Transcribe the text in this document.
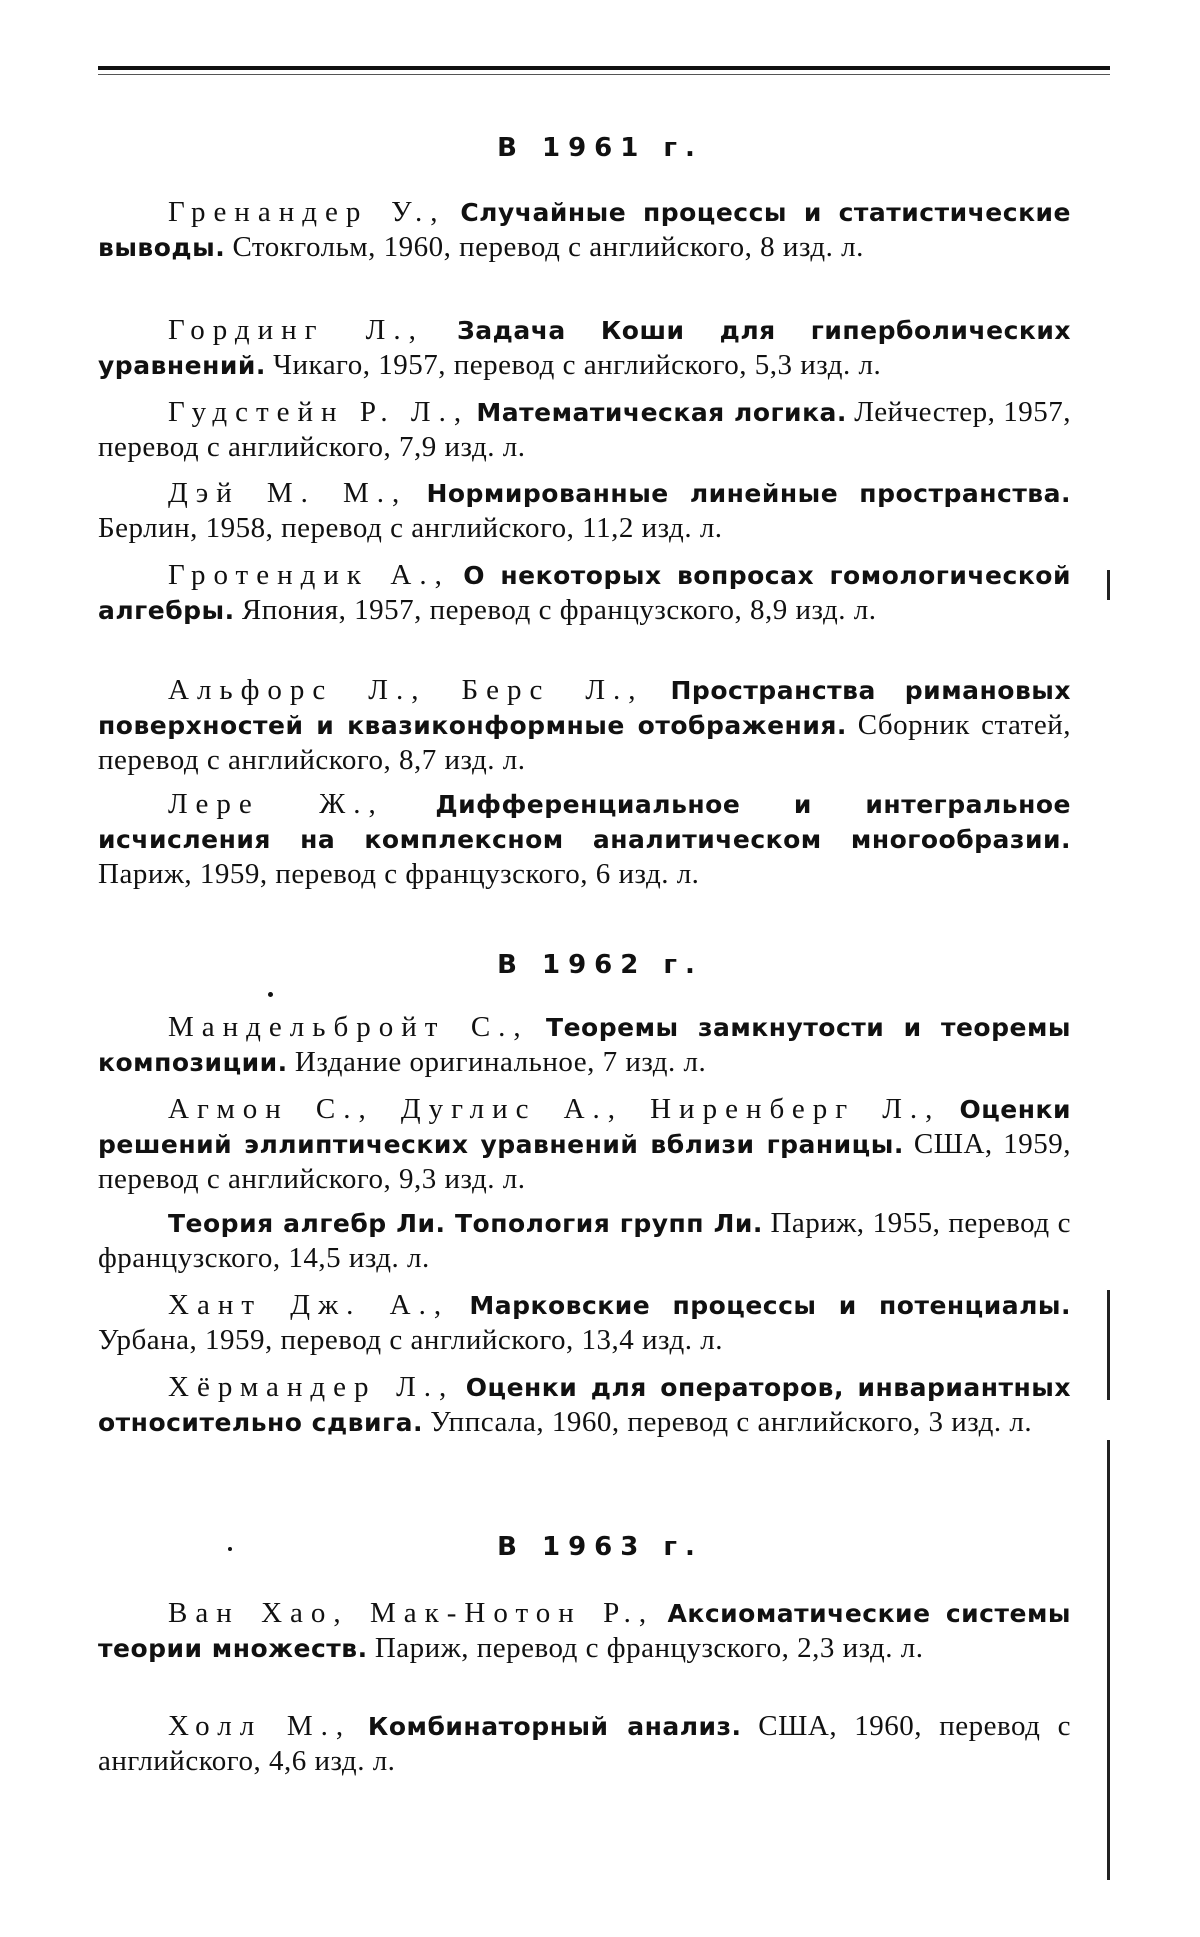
В 1961 г.
Гренандер У., Случайные процессы и статистические выводы. Стокгольм, 1960, перевод с английского, 8 изд. л.
Гординг Л., Задача Коши для гиперболических уравнений. Чикаго, 1957, перевод с английского, 5,3 изд. л.
Гудстейн Р. Л., Математическая логика. Лейчестер, 1957, перевод с английского, 7,9 изд. л.
Дэй М. М., Нормированные линейные пространства. Берлин, 1958, перевод с английского, 11,2 изд. л.
Гротендик А., О некоторых вопросах гомологической алгебры. Япония, 1957, перевод с французского, 8,9 изд. л.
Альфорс Л., Берс Л., Пространства римановых поверхностей и квазиконформные отображения. Сборник статей, перевод с английского, 8,7 изд. л.
Лере Ж., Дифференциальное и интегральное исчисления на комплексном аналитическом многообразии. Париж, 1959, перевод с французского, 6 изд. л.
В 1962 г.
Мандельбройт С., Теоремы замкнутости и теоремы композиции. Издание оригинальное, 7 изд. л.
Агмон С., Дуглис А., Ниренберг Л., Оценки решений эллиптических уравнений вблизи границы. США, 1959, перевод с английского, 9,3 изд. л.
Теория алгебр Ли. Топология групп Ли. Париж, 1955, перевод с французского, 14,5 изд. л.
Хант Дж. А., Марковские процессы и потенциалы. Урбана, 1959, перевод с английского, 13,4 изд. л.
Хёрмандер Л., Оценки для операторов, инвариантных относительно сдвига. Уппсала, 1960, перевод с английского, 3 изд. л.
В 1963 г.
Ван Хао, Мак-Нотон Р., Аксиоматические системы теории множеств. Париж, перевод с французского, 2,3 изд. л.
Холл М., Комбинаторный анализ. США, 1960, перевод с английского, 4,6 изд. л.
